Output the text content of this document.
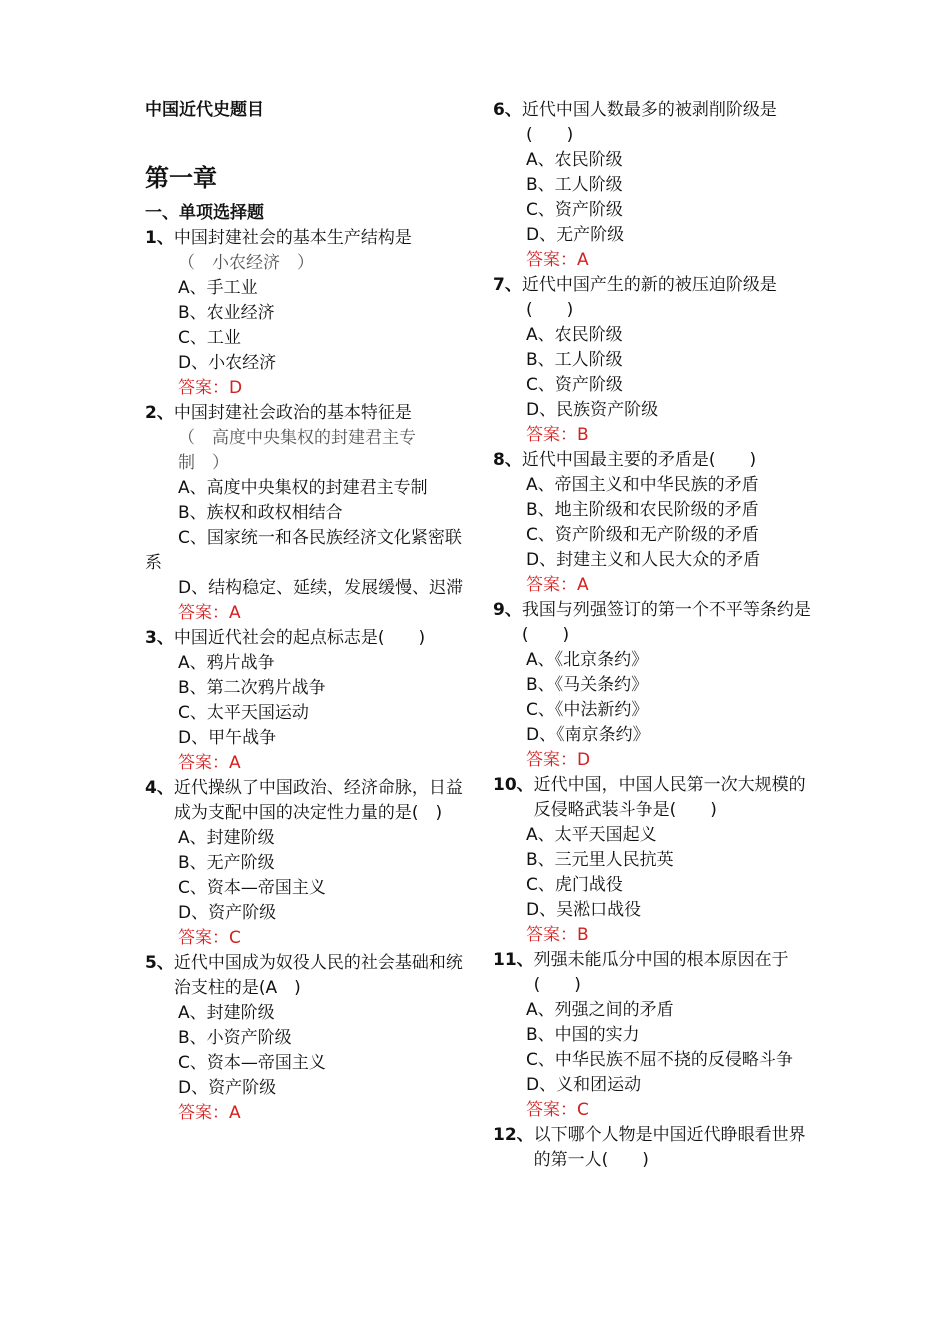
中国近代史题目

第一章

一、单项选择题

1、 中国封建社会的基本生产结构是
（　小农经济　）
A、手工业
B、农业经济
C、工业
D、小农经济
答案：D
2、 中国封建社会政治的基本特征是
（　高度中央集权的封建君主专
制　）
A、高度中央集权的封建君主专制
B、族权和政权相结合
C、国家统一和各民族经济文化紧密联系
D、结构稳定、延续，发展缓慢、迟滞
答案：A
3、 中国近代社会的起点标志是(　　)
A、鸦片战争
B、第二次鸦片战争
C、太平天国运动
D、甲午战争
答案：A
4、 近代操纵了中国政治、经济命脉，日益成为支配中国的决定性力量的是(　)
A、封建阶级
B、无产阶级
C、资本—帝国主义
D、资产阶级
答案：C
5、 近代中国成为奴役人民的社会基础和统治支柱的是(A　)
A、封建阶级
B、小资产阶级
C、资本—帝国主义
D、资产阶级
答案：A
6、 近代中国人数最多的被剥削阶级是
(　　)
A、农民阶级
B、工人阶级
C、资产阶级
D、无产阶级
答案：A
7、 近代中国产生的新的被压迫阶级是
(　　)
A、农民阶级
B、工人阶级
C、资产阶级
D、民族资产阶级
答案：B
8、 近代中国最主要的矛盾是(　　)
A、帝国主义和中华民族的矛盾
B、地主阶级和农民阶级的矛盾
C、资产阶级和无产阶级的矛盾
D、封建主义和人民大众的矛盾
答案：A
9、 我国与列强签订的第一个不平等条约是(　　)
A、《北京条约》
B、《马关条约》
C、《中法新约》
D、《南京条约》
答案：D
10、 近代中国，中国人民第一次大规模的反侵略武装斗争是(　　)
A、太平天国起义
B、三元里人民抗英
C、虎门战役
D、吴淞口战役
答案：B
11、 列强未能瓜分中国的根本原因在于(　　)
A、列强之间的矛盾
B、中国的实力
C、中华民族不屈不挠的反侵略斗争
D、义和团运动
答案：C
12、 以下哪个人物是中国近代睁眼看世界的第一人(　　)
